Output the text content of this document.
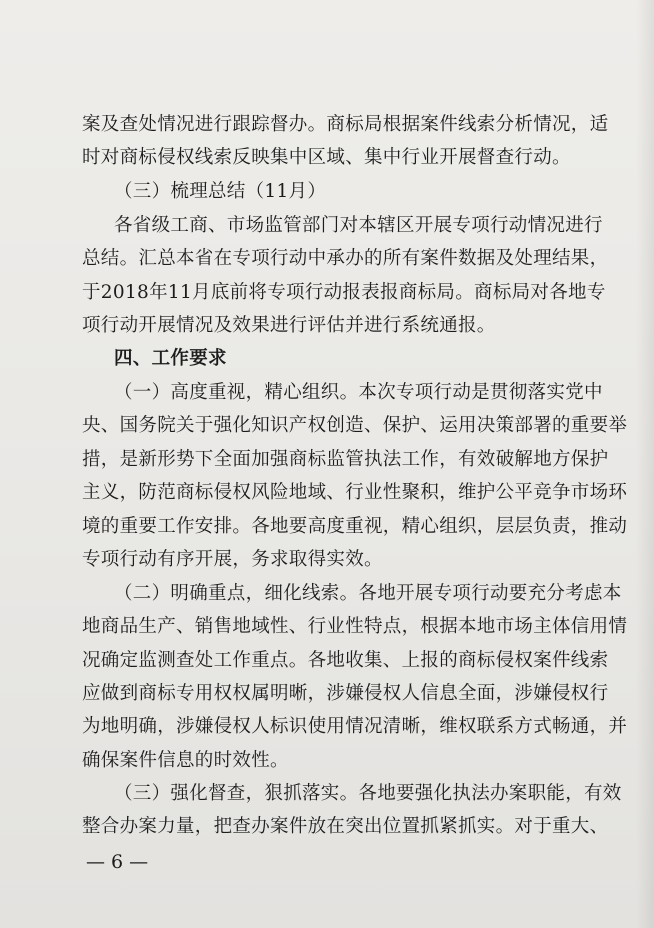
案及查处情况进行跟踪督办。商标局根据案件线索分析情况，适
时对商标侵权线索反映集中区域、集中行业开展督查行动。
（三）梳理总结（11月）
各省级工商、市场监管部门对本辖区开展专项行动情况进行
总结。汇总本省在专项行动中承办的所有案件数据及处理结果，
于2018年11月底前将专项行动报表报商标局。商标局对各地专
项行动开展情况及效果进行评估并进行系统通报。
四、工作要求
（一）高度重视，精心组织。本次专项行动是贯彻落实党中
央、国务院关于强化知识产权创造、保护、运用决策部署的重要举
措，是新形势下全面加强商标监管执法工作，有效破解地方保护
主义，防范商标侵权风险地域、行业性聚积，维护公平竞争市场环
境的重要工作安排。各地要高度重视，精心组织，层层负责，推动
专项行动有序开展，务求取得实效。
（二）明确重点，细化线索。各地开展专项行动要充分考虑本
地商品生产、销售地域性、行业性特点，根据本地市场主体信用情
况确定监测查处工作重点。各地收集、上报的商标侵权案件线索
应做到商标专用权权属明晰，涉嫌侵权人信息全面，涉嫌侵权行
为地明确，涉嫌侵权人标识使用情况清晰，维权联系方式畅通，并
确保案件信息的时效性。
（三）强化督查，狠抓落实。各地要强化执法办案职能，有效
整合办案力量，把查办案件放在突出位置抓紧抓实。对于重大、
— 6 —
